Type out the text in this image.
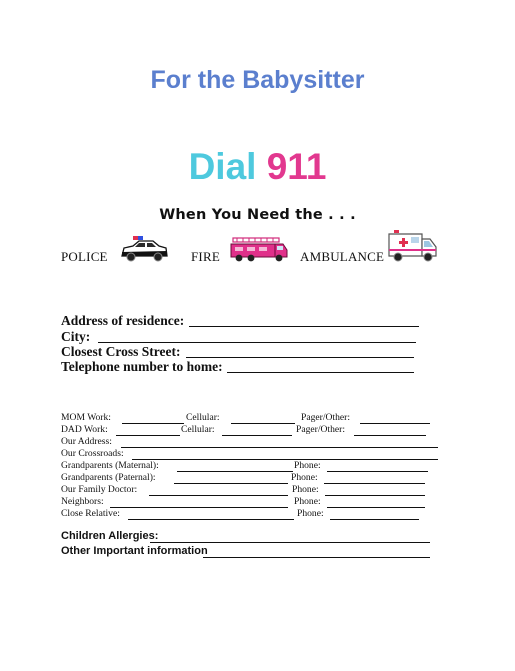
For the Babysitter
Dial 911
When You Need the . . .
POLICE	FIRE	AMBULANCE
Address of residence:
City:
Closest Cross Street:
Telephone number to home:
MOM Work:	Cellular:	Pager/Other:
DAD Work:	Cellular:	Pager/Other:
Our Address:
Our Crossroads:
Grandparents (Maternal):	Phone:
Grandparents (Paternal):	Phone:
Our Family Doctor:	Phone:
Neighbors:	Phone:
Close Relative:	Phone:
Children Allergies:
Other Important information
